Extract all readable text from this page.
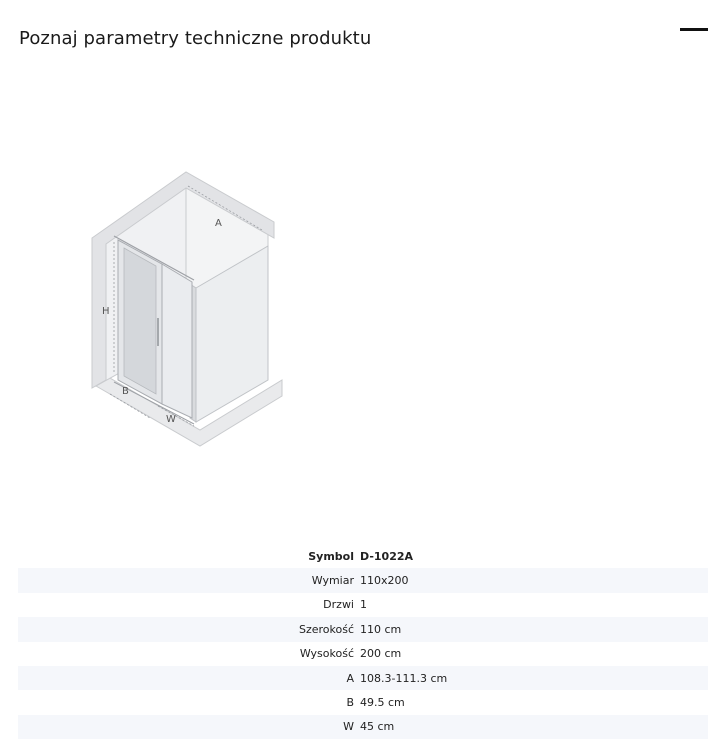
Poznaj parametry techniczne produktu
A
H
B
W
Symbol D-1022A
Wymiar 110x200
Drzwi 1
Szerokość 110 cm
Wysokość 200 cm
A 108.3-111.3 cm
B 49.5 cm
W 45 cm
